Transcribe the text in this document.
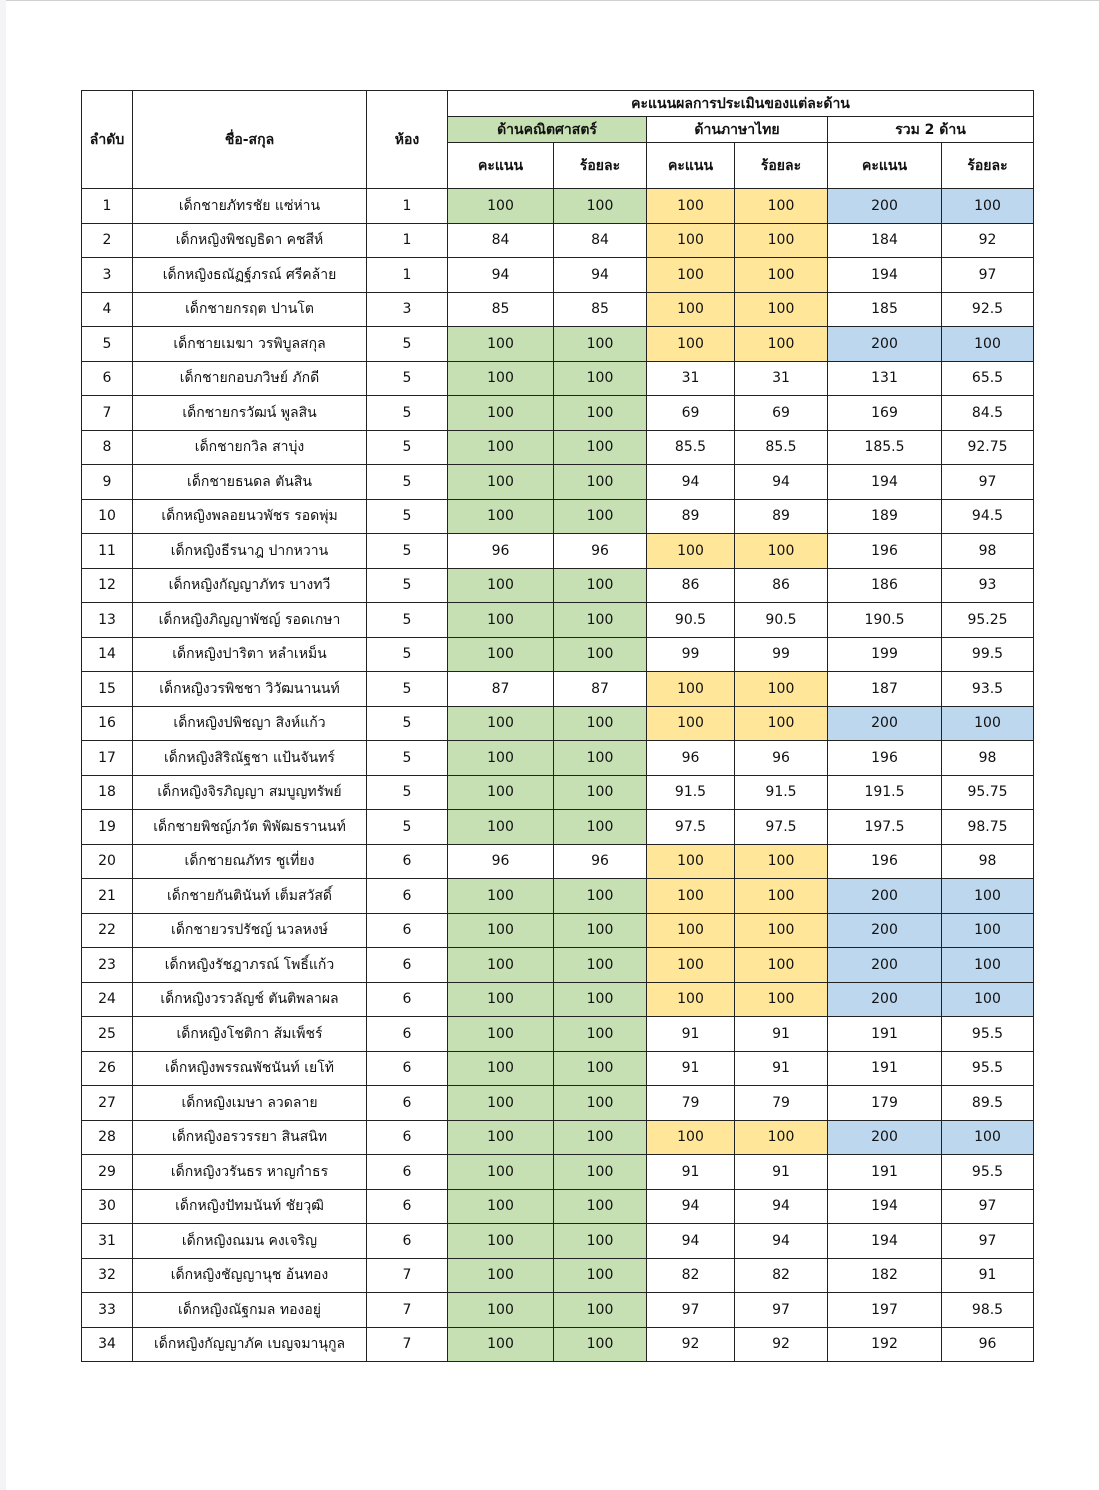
ลำดับ	ชื่อ-สกุล	ห้อง	คะแนนผลการประเมินของแต่ละด้าน					
			ด้านคณิตศาสตร์		ด้านภาษาไทย		รวม 2 ด้าน	
			คะแนน	ร้อยละ	คะแนน	ร้อยละ	คะแนน	ร้อยละ
1	เด็กชายภัทรชัย แซ่ห่าน	1	100	100	100	100	200	100
2	เด็กหญิงพิชญธิดา คชสีห์	1	84	84	100	100	184	92
3	เด็กหญิงธณัฏฐ์ภรณ์ ศรีคล้าย	1	94	94	100	100	194	97
4	เด็กชายกรฤต ปานโต	3	85	85	100	100	185	92.5
5	เด็กชายเมฆา วรพิบูลสกุล	5	100	100	100	100	200	100
6	เด็กชายกอบภวิษย์ ภักดี	5	100	100	31	31	131	65.5
7	เด็กชายกรวัฒน์ พูลสิน	5	100	100	69	69	169	84.5
8	เด็กชายกวิล สาบุ่ง	5	100	100	85.5	85.5	185.5	92.75
9	เด็กชายธนดล ตันสิน	5	100	100	94	94	194	97
10	เด็กหญิงพลอยนวพัชร รอดพุ่ม	5	100	100	89	89	189	94.5
11	เด็กหญิงธีรนาฎ ปากหวาน	5	96	96	100	100	196	98
12	เด็กหญิงกัญญาภัทร บางทวี	5	100	100	86	86	186	93
13	เด็กหญิงภิญญาพัชญ์ รอดเกษา	5	100	100	90.5	90.5	190.5	95.25
14	เด็กหญิงปาริตา หลำเหม็น	5	100	100	99	99	199	99.5
15	เด็กหญิงวรพิชชา วิวัฒนานนท์	5	87	87	100	100	187	93.5
16	เด็กหญิงปพิชญา สิงห์แก้ว	5	100	100	100	100	200	100
17	เด็กหญิงสิริณัฐชา แป้นจันทร์	5	100	100	96	96	196	98
18	เด็กหญิงจิรภิญญา สมบูญทรัพย์	5	100	100	91.5	91.5	191.5	95.75
19	เด็กชายพิชญ์ภวัต พิพัฒธรานนท์	5	100	100	97.5	97.5	197.5	98.75
20	เด็กชายณภัทร ชูเที่ยง	6	96	96	100	100	196	98
21	เด็กชายกันตินันท์ เต็มสวัสดิ์	6	100	100	100	100	200	100
22	เด็กชายวรปรัชญ์ นวลหงษ์	6	100	100	100	100	200	100
23	เด็กหญิงรัชฎาภรณ์ โพธิ์แก้ว	6	100	100	100	100	200	100
24	เด็กหญิงวรวลัญช์ ตันติพลาผล	6	100	100	100	100	200	100
25	เด็กหญิงโชติกา ส้มเพ็ชร์	6	100	100	91	91	191	95.5
26	เด็กหญิงพรรณพัชนันท์ เยโท้	6	100	100	91	91	191	95.5
27	เด็กหญิงเมษา ลวดลาย	6	100	100	79	79	179	89.5
28	เด็กหญิงอรวรรยา สินสนิท	6	100	100	100	100	200	100
29	เด็กหญิงวรันธร หาญกำธร	6	100	100	91	91	191	95.5
30	เด็กหญิงปัทมนันท์ ชัยวุฒิ	6	100	100	94	94	194	97
31	เด็กหญิงณมน คงเจริญ	6	100	100	94	94	194	97
32	เด็กหญิงชัญญานุช อ้นทอง	7	100	100	82	82	182	91
33	เด็กหญิงณัฐกมล ทองอยู่	7	100	100	97	97	197	98.5
34	เด็กหญิงกัญญาภัค เบญจมานุกูล	7	100	100	92	92	192	96
